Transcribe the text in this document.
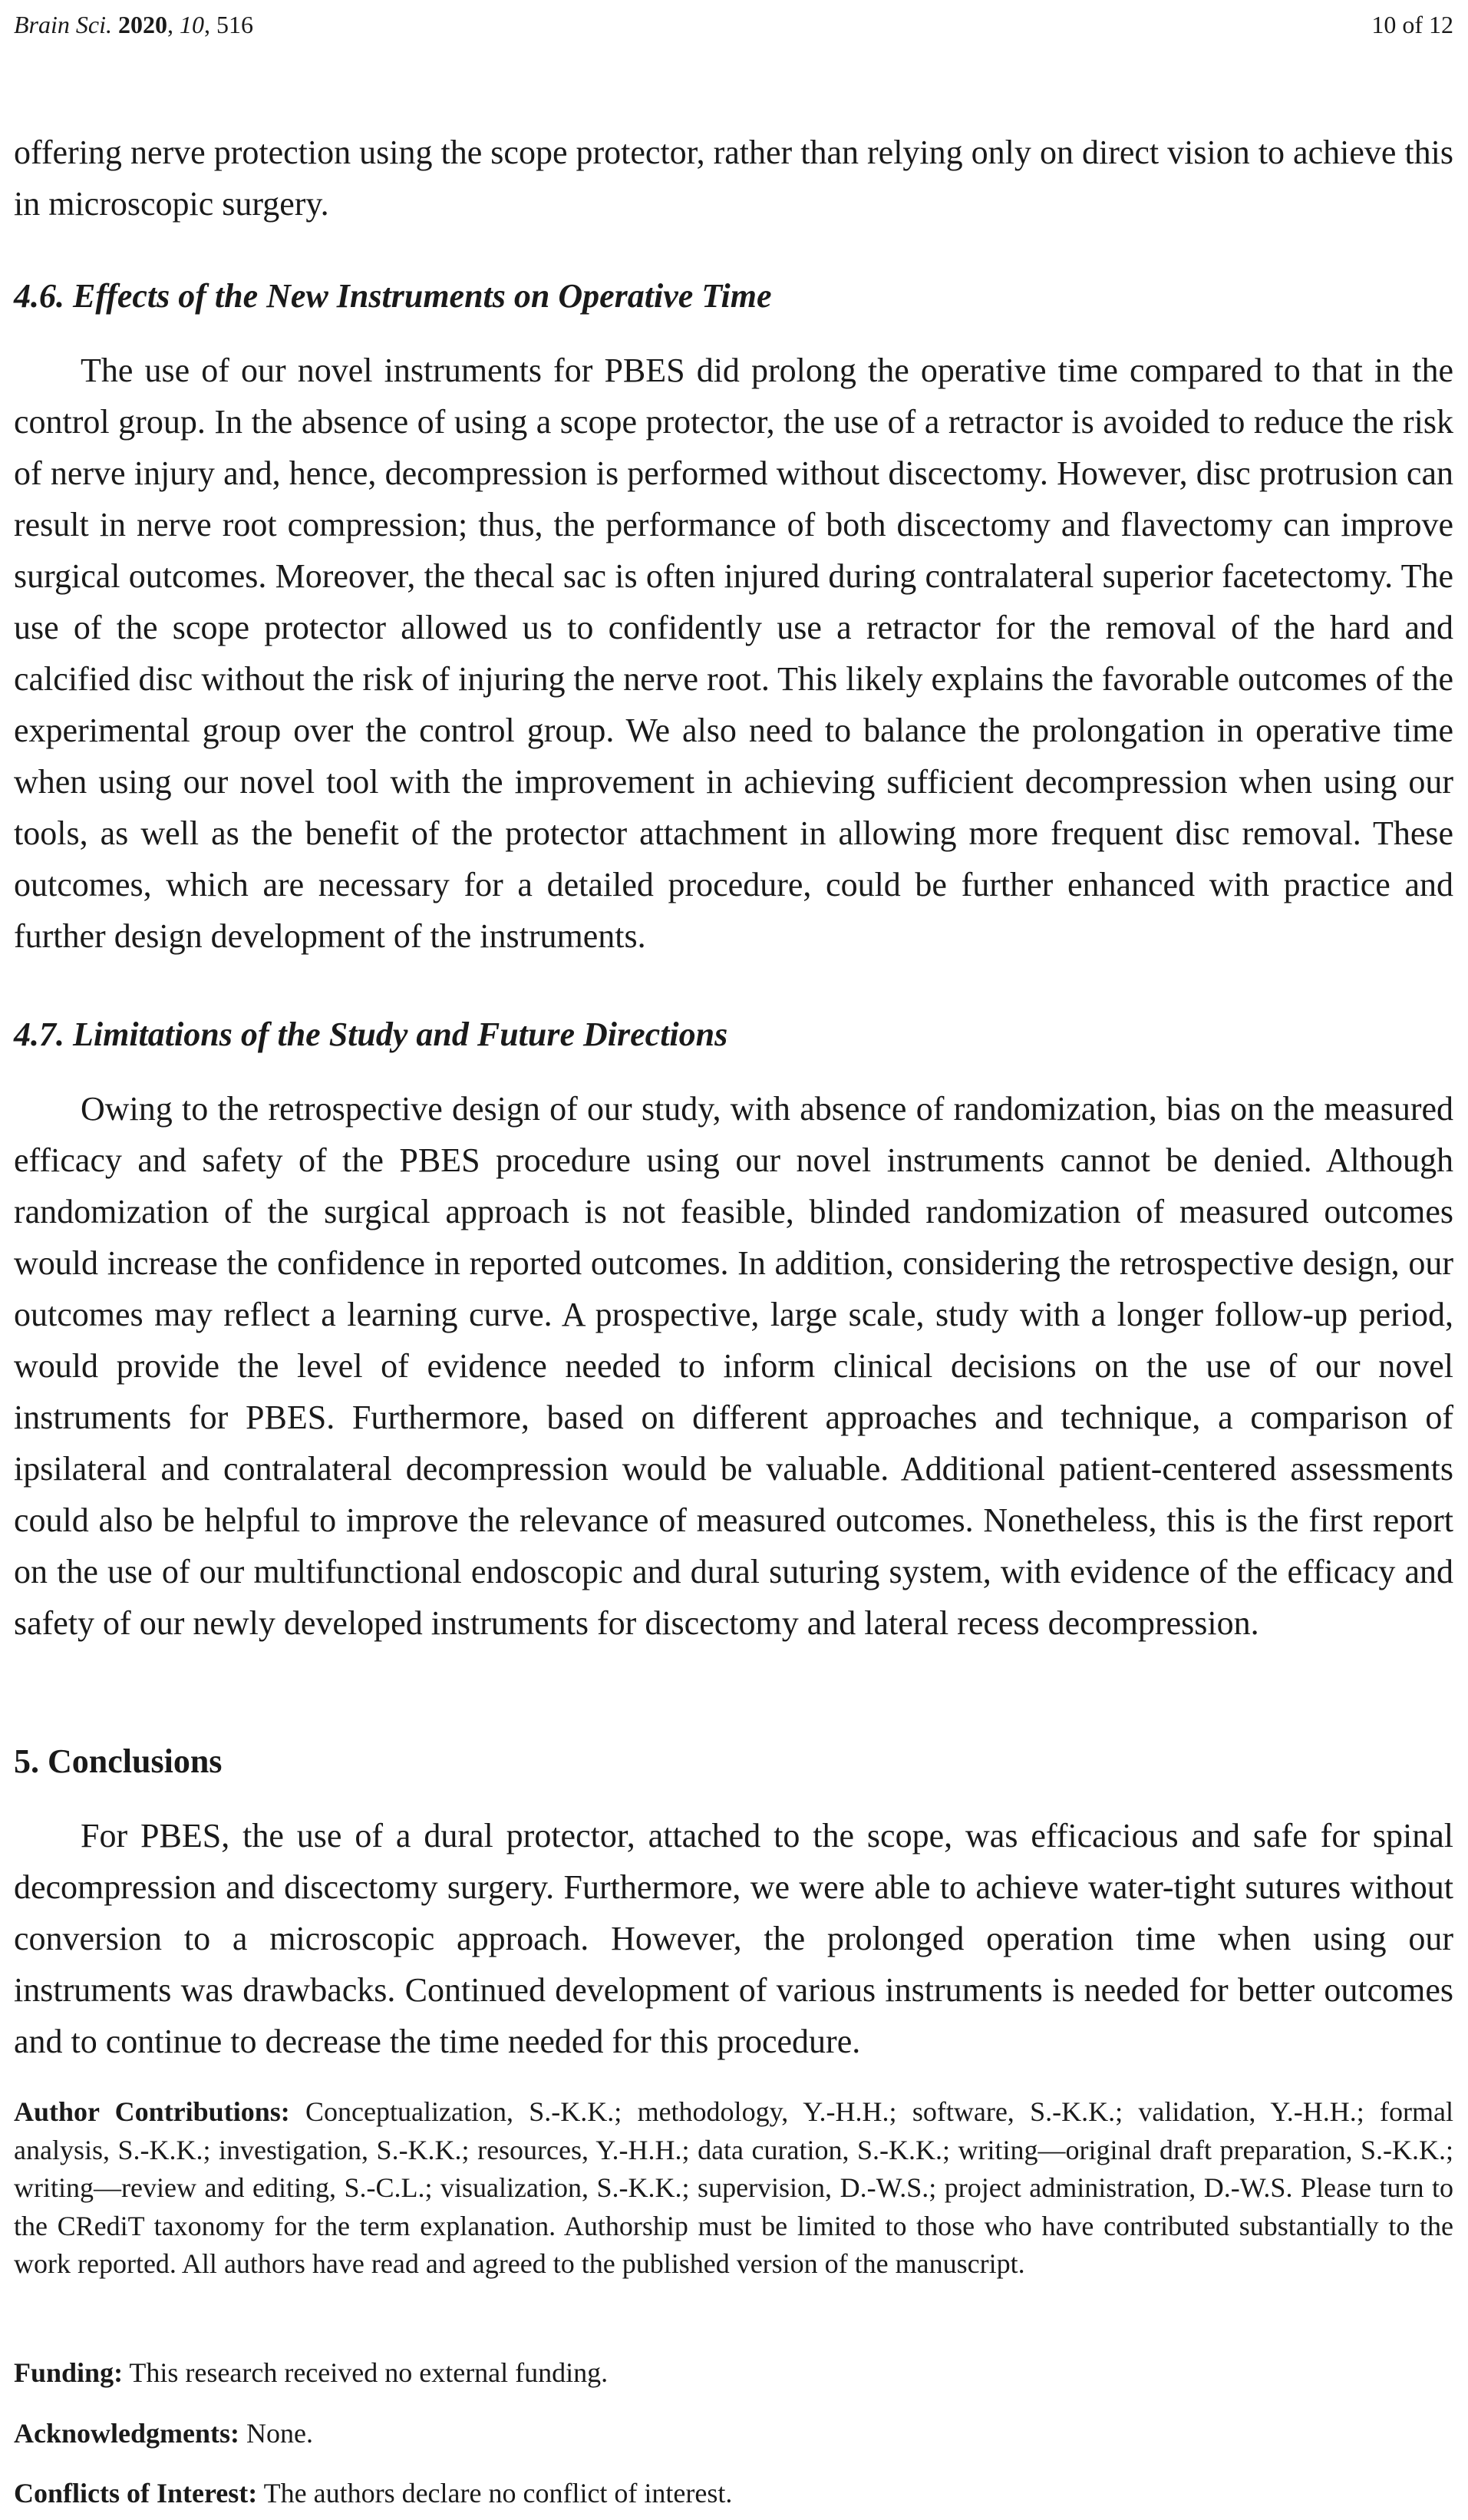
Brain Sci. 2020, 10, 516	10 of 12

offering nerve protection using the scope protector, rather than relying only on direct vision to achieve this in microscopic surgery.

4.6. Effects of the New Instruments on Operative Time

The use of our novel instruments for PBES did prolong the operative time compared to that in the control group. In the absence of using a scope protector, the use of a retractor is avoided to reduce the risk of nerve injury and, hence, decompression is performed without discectomy. However, disc protrusion can result in nerve root compression; thus, the performance of both discectomy and flavectomy can improve surgical outcomes. Moreover, the thecal sac is often injured during contralateral superior facetectomy. The use of the scope protector allowed us to confidently use a retractor for the removal of the hard and calcified disc without the risk of injuring the nerve root. This likely explains the favorable outcomes of the experimental group over the control group. We also need to balance the prolongation in operative time when using our novel tool with the improvement in achieving sufficient decompression when using our tools, as well as the benefit of the protector attachment in allowing more frequent disc removal. These outcomes, which are necessary for a detailed procedure, could be further enhanced with practice and further design development of the instruments.

4.7. Limitations of the Study and Future Directions

Owing to the retrospective design of our study, with absence of randomization, bias on the measured efficacy and safety of the PBES procedure using our novel instruments cannot be denied. Although randomization of the surgical approach is not feasible, blinded randomization of measured outcomes would increase the confidence in reported outcomes. In addition, considering the retrospective design, our outcomes may reflect a learning curve. A prospective, large scale, study with a longer follow-up period, would provide the level of evidence needed to inform clinical decisions on the use of our novel instruments for PBES. Furthermore, based on different approaches and technique, a comparison of ipsilateral and contralateral decompression would be valuable. Additional patient-centered assessments could also be helpful to improve the relevance of measured outcomes. Nonetheless, this is the first report on the use of our multifunctional endoscopic and dural suturing system, with evidence of the efficacy and safety of our newly developed instruments for discectomy and lateral recess decompression.

5. Conclusions

For PBES, the use of a dural protector, attached to the scope, was efficacious and safe for spinal decompression and discectomy surgery. Furthermore, we were able to achieve water-tight sutures without conversion to a microscopic approach. However, the prolonged operation time when using our instruments was drawbacks. Continued development of various instruments is needed for better outcomes and to continue to decrease the time needed for this procedure.

Author Contributions: Conceptualization, S.-K.K.; methodology, Y.-H.H.; software, S.-K.K.; validation, Y.-H.H.; formal analysis, S.-K.K.; investigation, S.-K.K.; resources, Y.-H.H.; data curation, S.-K.K.; writing—original draft preparation, S.-K.K.; writing—review and editing, S.-C.L.; visualization, S.-K.K.; supervision, D.-W.S.; project administration, D.-W.S. Please turn to the CRediT taxonomy for the term explanation. Authorship must be limited to those who have contributed substantially to the work reported. All authors have read and agreed to the published version of the manuscript.

Funding: This research received no external funding.

Acknowledgments: None.

Conflicts of Interest: The authors declare no conflict of interest.
